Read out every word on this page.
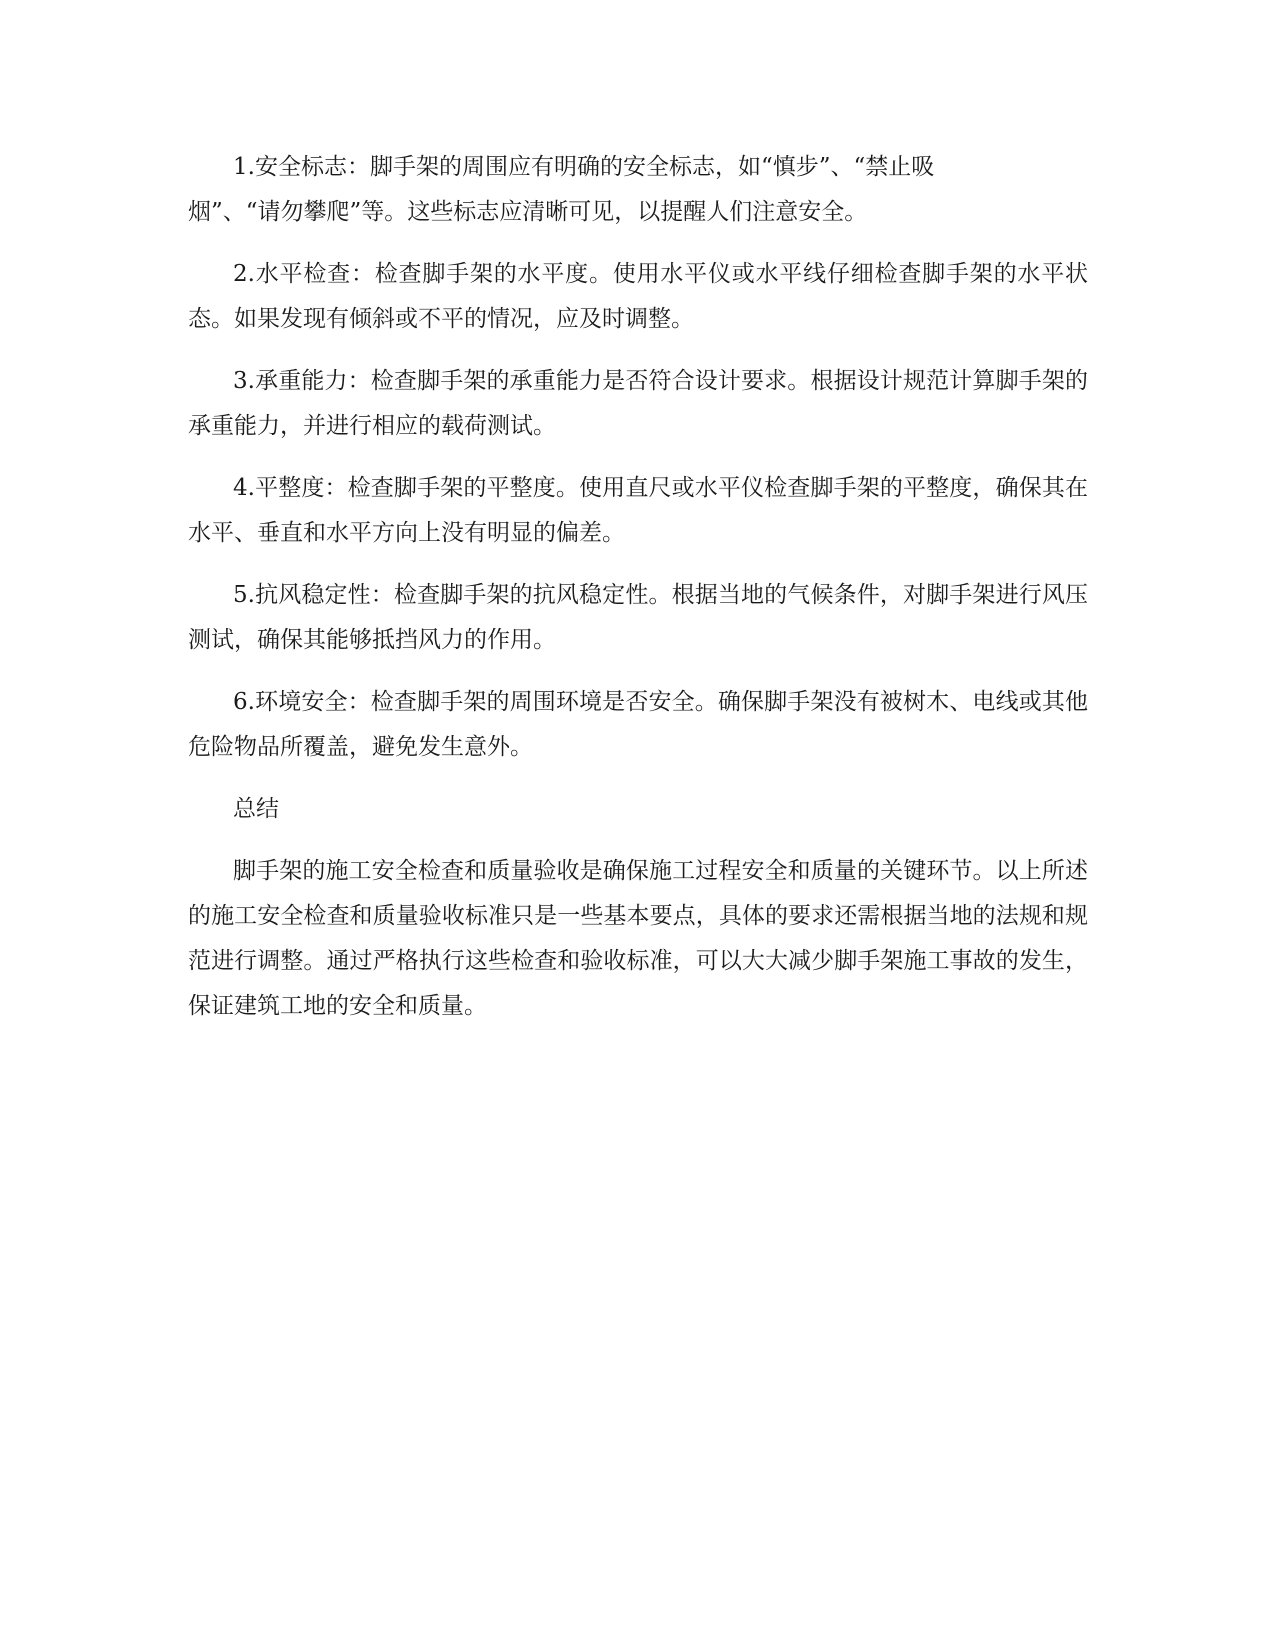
1.安全标志：脚手架的周围应有明确的安全标志，如“慎步”、“禁止吸
烟”、“请勿攀爬”等。这些标志应清晰可见，以提醒人们注意安全。

2.水平检查：检查脚手架的水平度。使用水平仪或水平线仔细检查脚手架的水平状态。如果发现有倾斜或不平的情况，应及时调整。

3.承重能力：检查脚手架的承重能力是否符合设计要求。根据设计规范计算脚手架的承重能力，并进行相应的载荷测试。

4.平整度：检查脚手架的平整度。使用直尺或水平仪检查脚手架的平整度，确保其在水平、垂直和水平方向上没有明显的偏差。

5.抗风稳定性：检查脚手架的抗风稳定性。根据当地的气候条件，对脚手架进行风压测试，确保其能够抵挡风力的作用。

6.环境安全：检查脚手架的周围环境是否安全。确保脚手架没有被树木、电线或其他危险物品所覆盖，避免发生意外。

总结

脚手架的施工安全检查和质量验收是确保施工过程安全和质量的关键环节。以上所述的施工安全检查和质量验收标准只是一些基本要点，具体的要求还需根据当地的法规和规范进行调整。通过严格执行这些检查和验收标准，可以大大减少脚手架施工事故的发生，保证建筑工地的安全和质量。
